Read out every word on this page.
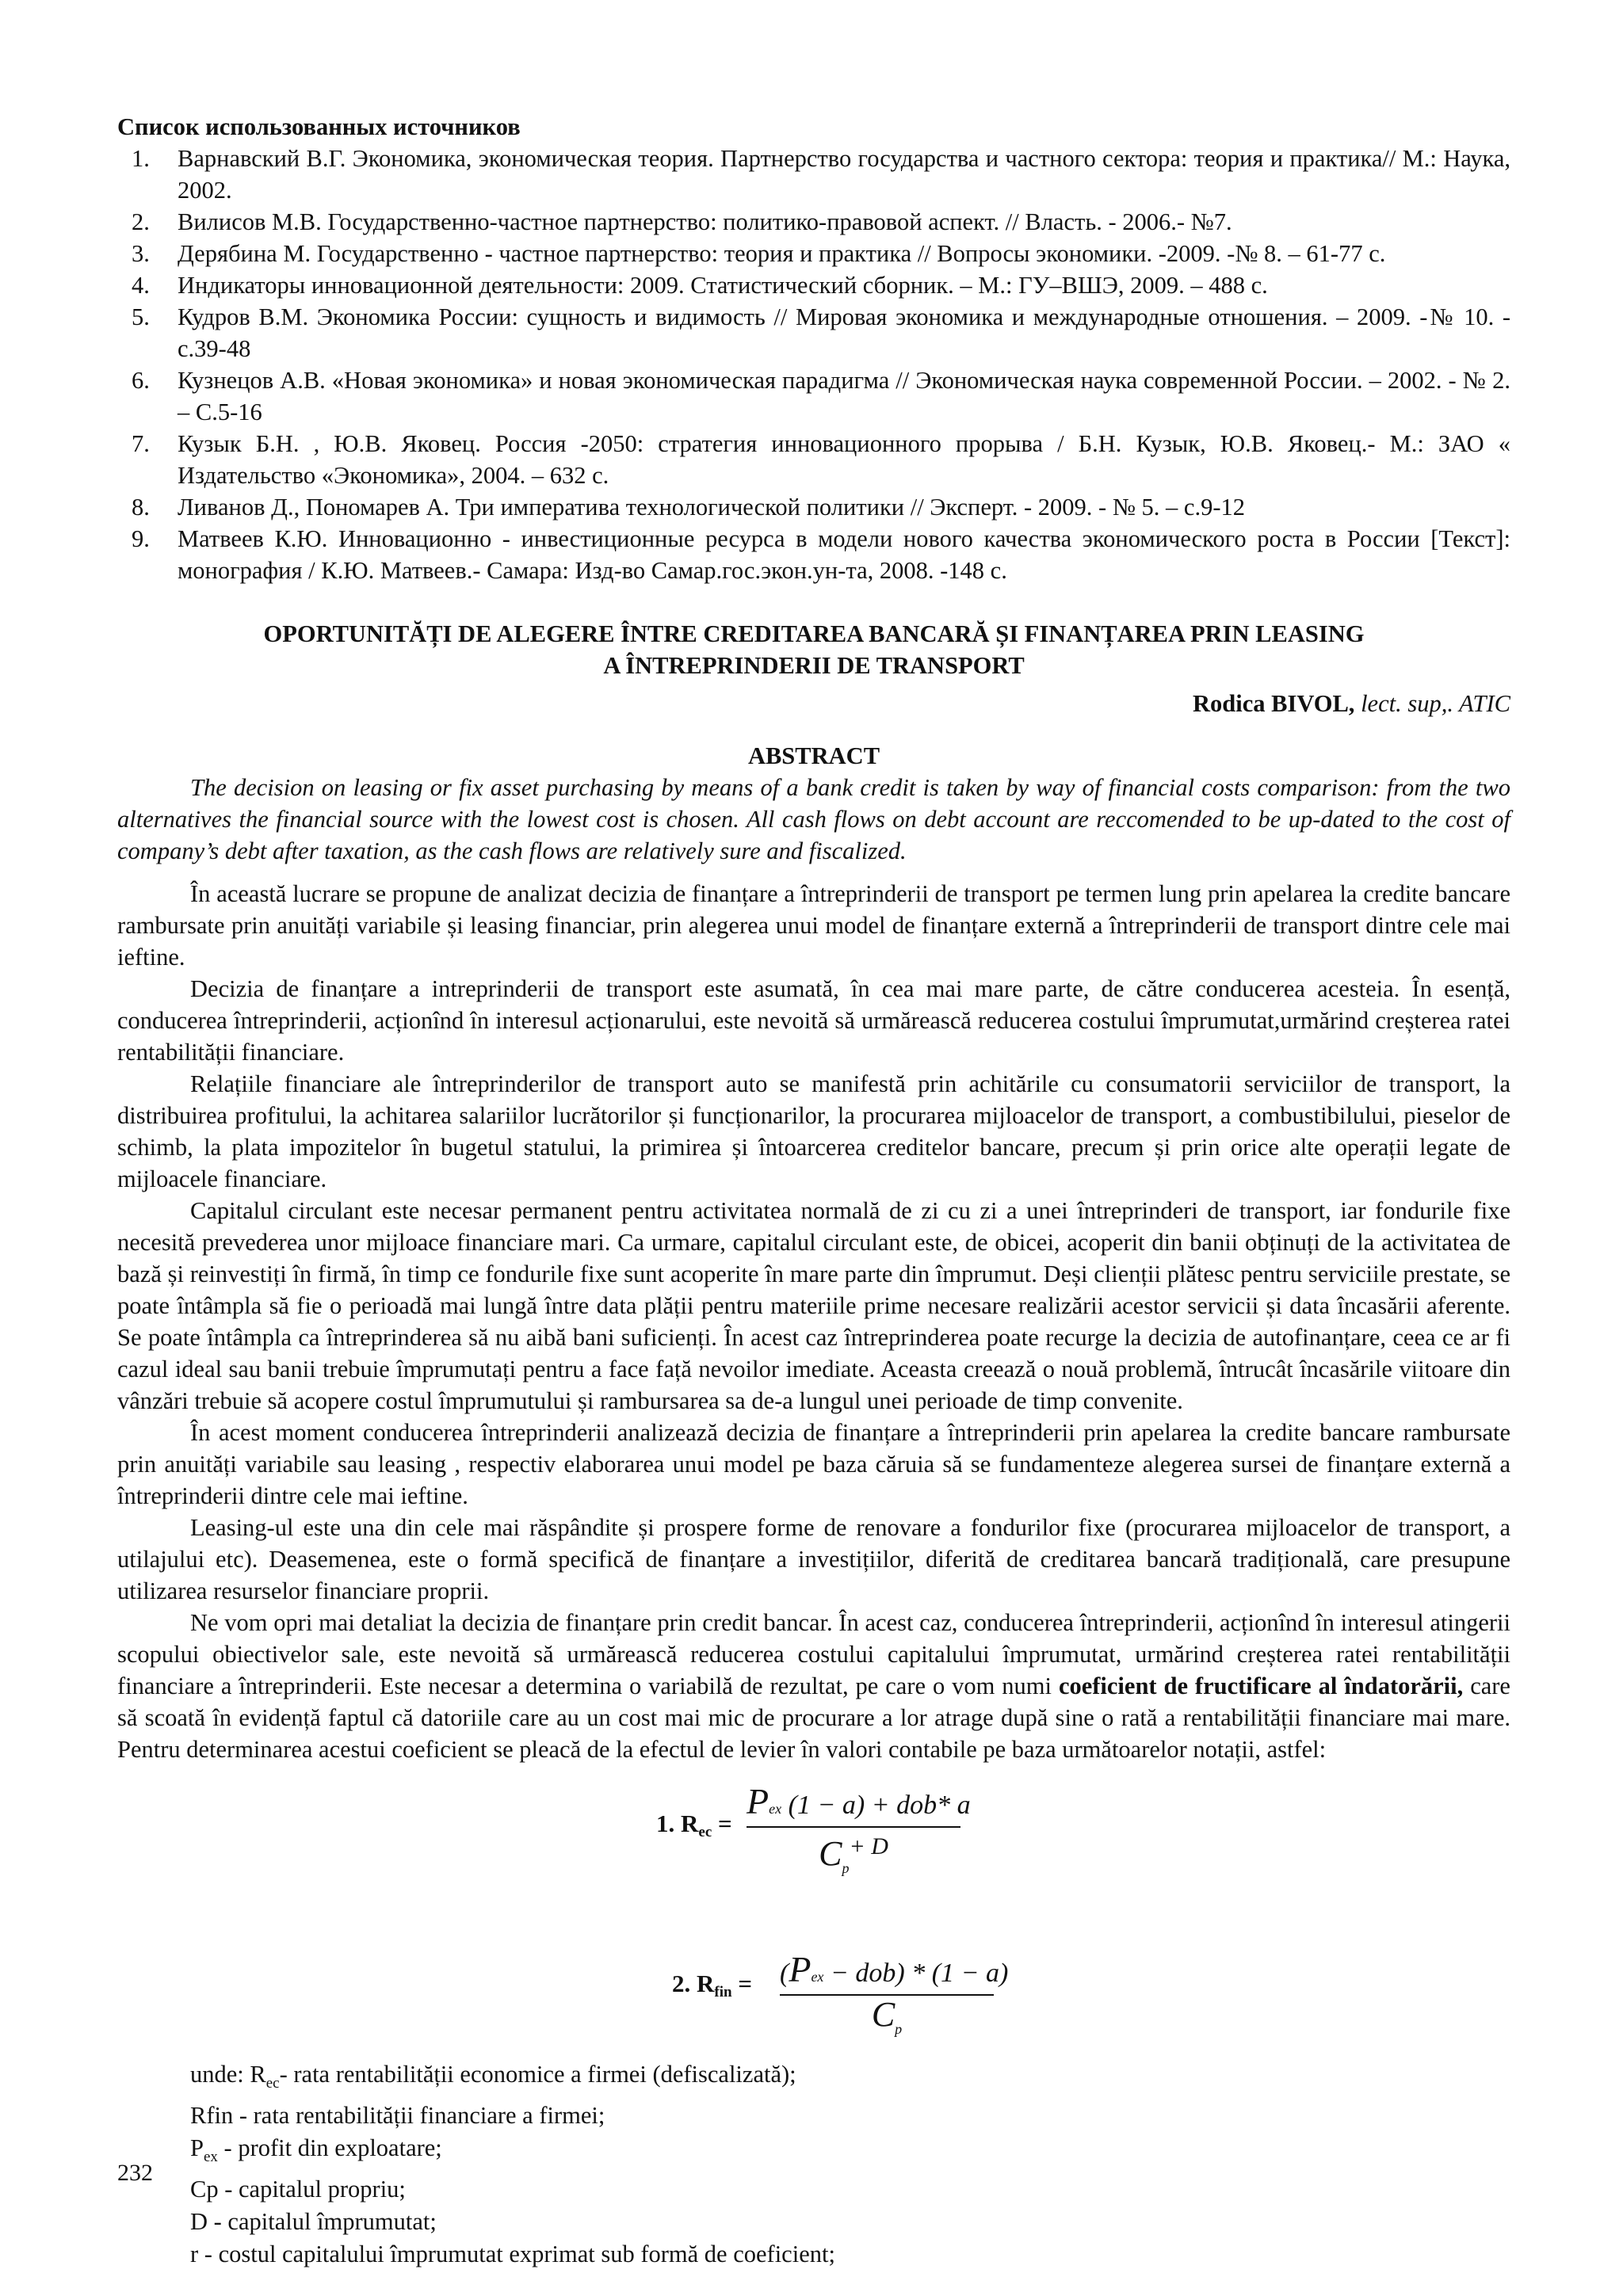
Список использованных источников
1. Варнавский В.Г. Экономика, экономическая теория. Партнерство государства и частного сектора: теория и практика// М.: Наука, 2002.
2. Вилисов М.В. Государственно-частное партнерство: политико-правовой аспект. // Власть. - 2006.- №7.
3. Дерябина М. Государственно - частное партнерство: теория и практика // Вопросы экономики. -2009. -№ 8. – 61-77 с.
4. Индикаторы инновационной деятельности: 2009. Статистический сборник. – М.: ГУ–ВШЭ, 2009. – 488 с.
5. Кудров В.М. Экономика России: сущность и видимость // Мировая экономика и международные отношения. – 2009. -№ 10. - с.39-48
6. Кузнецов А.В. «Новая экономика» и новая экономическая парадигма // Экономическая наука современной России. – 2002. - № 2. – С.5-16
7. Кузык Б.Н. , Ю.В. Яковец. Россия -2050: стратегия инновационного прорыва / Б.Н. Кузык, Ю.В. Яковец.- М.: ЗАО « Издательство «Экономика», 2004. – 632 с.
8. Ливанов Д., Пономарев А. Три императива технологической политики // Эксперт. - 2009. - № 5. – с.9-12
9. Матвеев К.Ю. Инновационно - инвестиционные ресурса в модели нового качества экономического роста в России [Текст]: монография / К.Ю. Матвеев.- Самара: Изд-во Самар.гос.экон.ун-та, 2008. -148 с.
OPORTUNITĂȚI DE ALEGERE ÎNTRE CREDITAREA BANCARĂ ȘI FINANȚAREA PRIN LEASING
A ÎNTREPRINDERII DE TRANSPORT
Rodica BIVOL, lect. sup,. ATIC
ABSTRACT

The decision on leasing or fix asset purchasing by means of a bank credit is taken by way of financial costs comparison: from the two alternatives the financial source with the lowest cost is chosen. All cash flows on debt account are reccomended to be up-dated to the cost of company’s debt after taxation, as the cash flows are relatively sure and fiscalized.

În această lucrare se propune de analizat decizia de finanțare a întreprinderii de transport pe termen lung prin apelarea la credite bancare rambursate prin anuități variabile și leasing financiar, prin alegerea unui model de finanțare externă a întreprinderii de transport dintre cele mai ieftine.

Decizia de finanțare a intreprinderii de transport este asumată, în cea mai mare parte, de către conducerea acesteia. În esență, conducerea întreprinderii, acționînd în interesul acționarului, este nevoită să urmărească reducerea costului împrumutat,urmărind creșterea ratei rentabilității financiare.

Relațiile financiare ale întreprinderilor de transport auto se manifestă prin achitările cu consumatorii serviciilor de transport, la distribuirea profitului, la achitarea salariilor lucrătorilor și funcționarilor, la procurarea mijloacelor de transport, a combustibilului, pieselor de schimb, la plata impozitelor în bugetul statului, la primirea și întoarcerea creditelor bancare, precum și prin orice alte operații legate de mijloacele financiare.

Capitalul circulant este necesar permanent pentru activitatea normală de zi cu zi a unei întreprinderi de transport, iar fondurile fixe necesită prevederea unor mijloace financiare mari. Ca urmare, capitalul circulant este, de obicei, acoperit din banii obținuți de la activitatea de bază și reinvestiți în firmă, în timp ce fondurile fixe sunt acoperite în mare parte din împrumut. Deși clienții plătesc pentru serviciile prestate, se poate întâmpla să fie o perioadă mai lungă între data plății pentru materiile prime necesare realizării acestor servicii și data încasării aferente. Se poate întâmpla ca întreprinderea să nu aibă bani suficienți. În acest caz întreprinderea poate recurge la decizia de autofinanțare, ceea ce ar fi cazul ideal sau banii trebuie împrumutați pentru a face față nevoilor imediate. Aceasta creează o nouă problemă, întrucât încasările viitoare din vânzări trebuie să acopere costul împrumutului și rambursarea sa de-a lungul unei perioade de timp convenite.

În acest moment conducerea întreprinderii analizează decizia de finanțare a întreprinderii prin apelarea la credite bancare rambursate prin anuități variabile sau leasing , respectiv elaborarea unui model pe baza căruia să se fundamenteze alegerea sursei de finanțare externă a întreprinderii dintre cele mai ieftine.

Leasing-ul este una din cele mai răspândite și prospere forme de renovare a fondurilor fixe (procurarea mijloacelor de transport, a utilajului etc). Deasemenea, este o formă specifică de finanțare a investițiilor, diferită de creditarea bancară tradițională, care presupune utilizarea resurselor financiare proprii.

Ne vom opri mai detaliat la decizia de finanțare prin credit bancar. În acest caz, conducerea întreprinderii, acționînd în interesul atingerii scopului obiectivelor sale, este nevoită să urmărească reducerea costului capitalului împrumutat, urmărind creșterea ratei rentabilității financiare a întreprinderii. Este necesar a determina o variabilă de rezultat, pe care o vom numi coeficient de fructificare al îndatorării, care să scoată în evidență faptul că datoriile care au un cost mai mic de procurare a lor atrage după sine o rată a rentabilității financiare mai mare. Pentru determinarea acestui coeficient se pleacă de la efectul de levier în valori contabile pe baza următoarelor notații, astfel:

1. Rec =
Pex (1 − a) + dob* a
$C_p^{+ D}$
2. Rfin = (Pex − dob) * (1 − a)
$C_p$
unde: $R_{ec}-$ rata rentabilității economice a firmei (defiscalizată);
Rfin - rata rentabilității financiare a firmei;
$P_{ex}$ - profit din exploatare;
Cp - capitalul propriu;
D - capitalul împrumutat;
r - costul capitalului împrumutat exprimat sub formă de coeficient;
232
